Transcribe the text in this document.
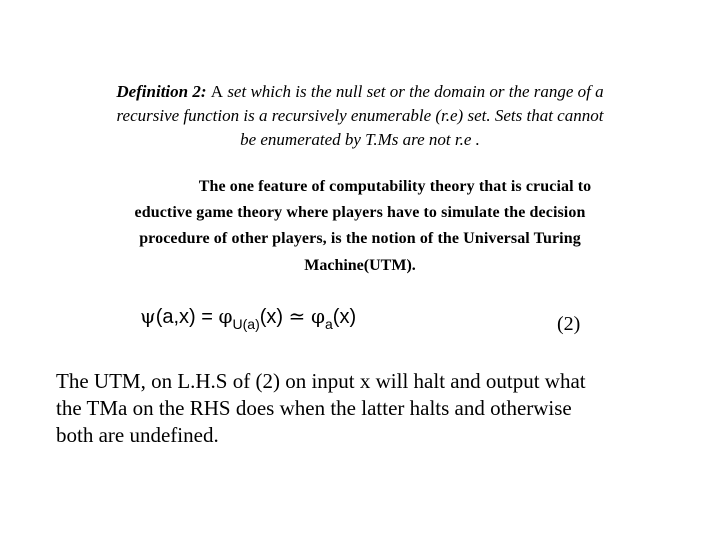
Definition 2: A set which is the null set or the domain or the range of a
recursive function is a recursively enumerable (r.e) set. Sets that cannot
be enumerated by T.Ms are not r.e .
The one feature of computability theory that is crucial to
eductive game theory where players have to simulate the decision
procedure of other players, is the notion of the Universal Turing
Machine(UTM).
$\psi(a,x) = \varphi_{U(a)}(x)$ ≃ $\varphi_a(x)$	(2)
The UTM, on L.H.S of (2) on input x will halt and output what
the TMa on the RHS does when the latter halts and otherwise
both are undefined.
